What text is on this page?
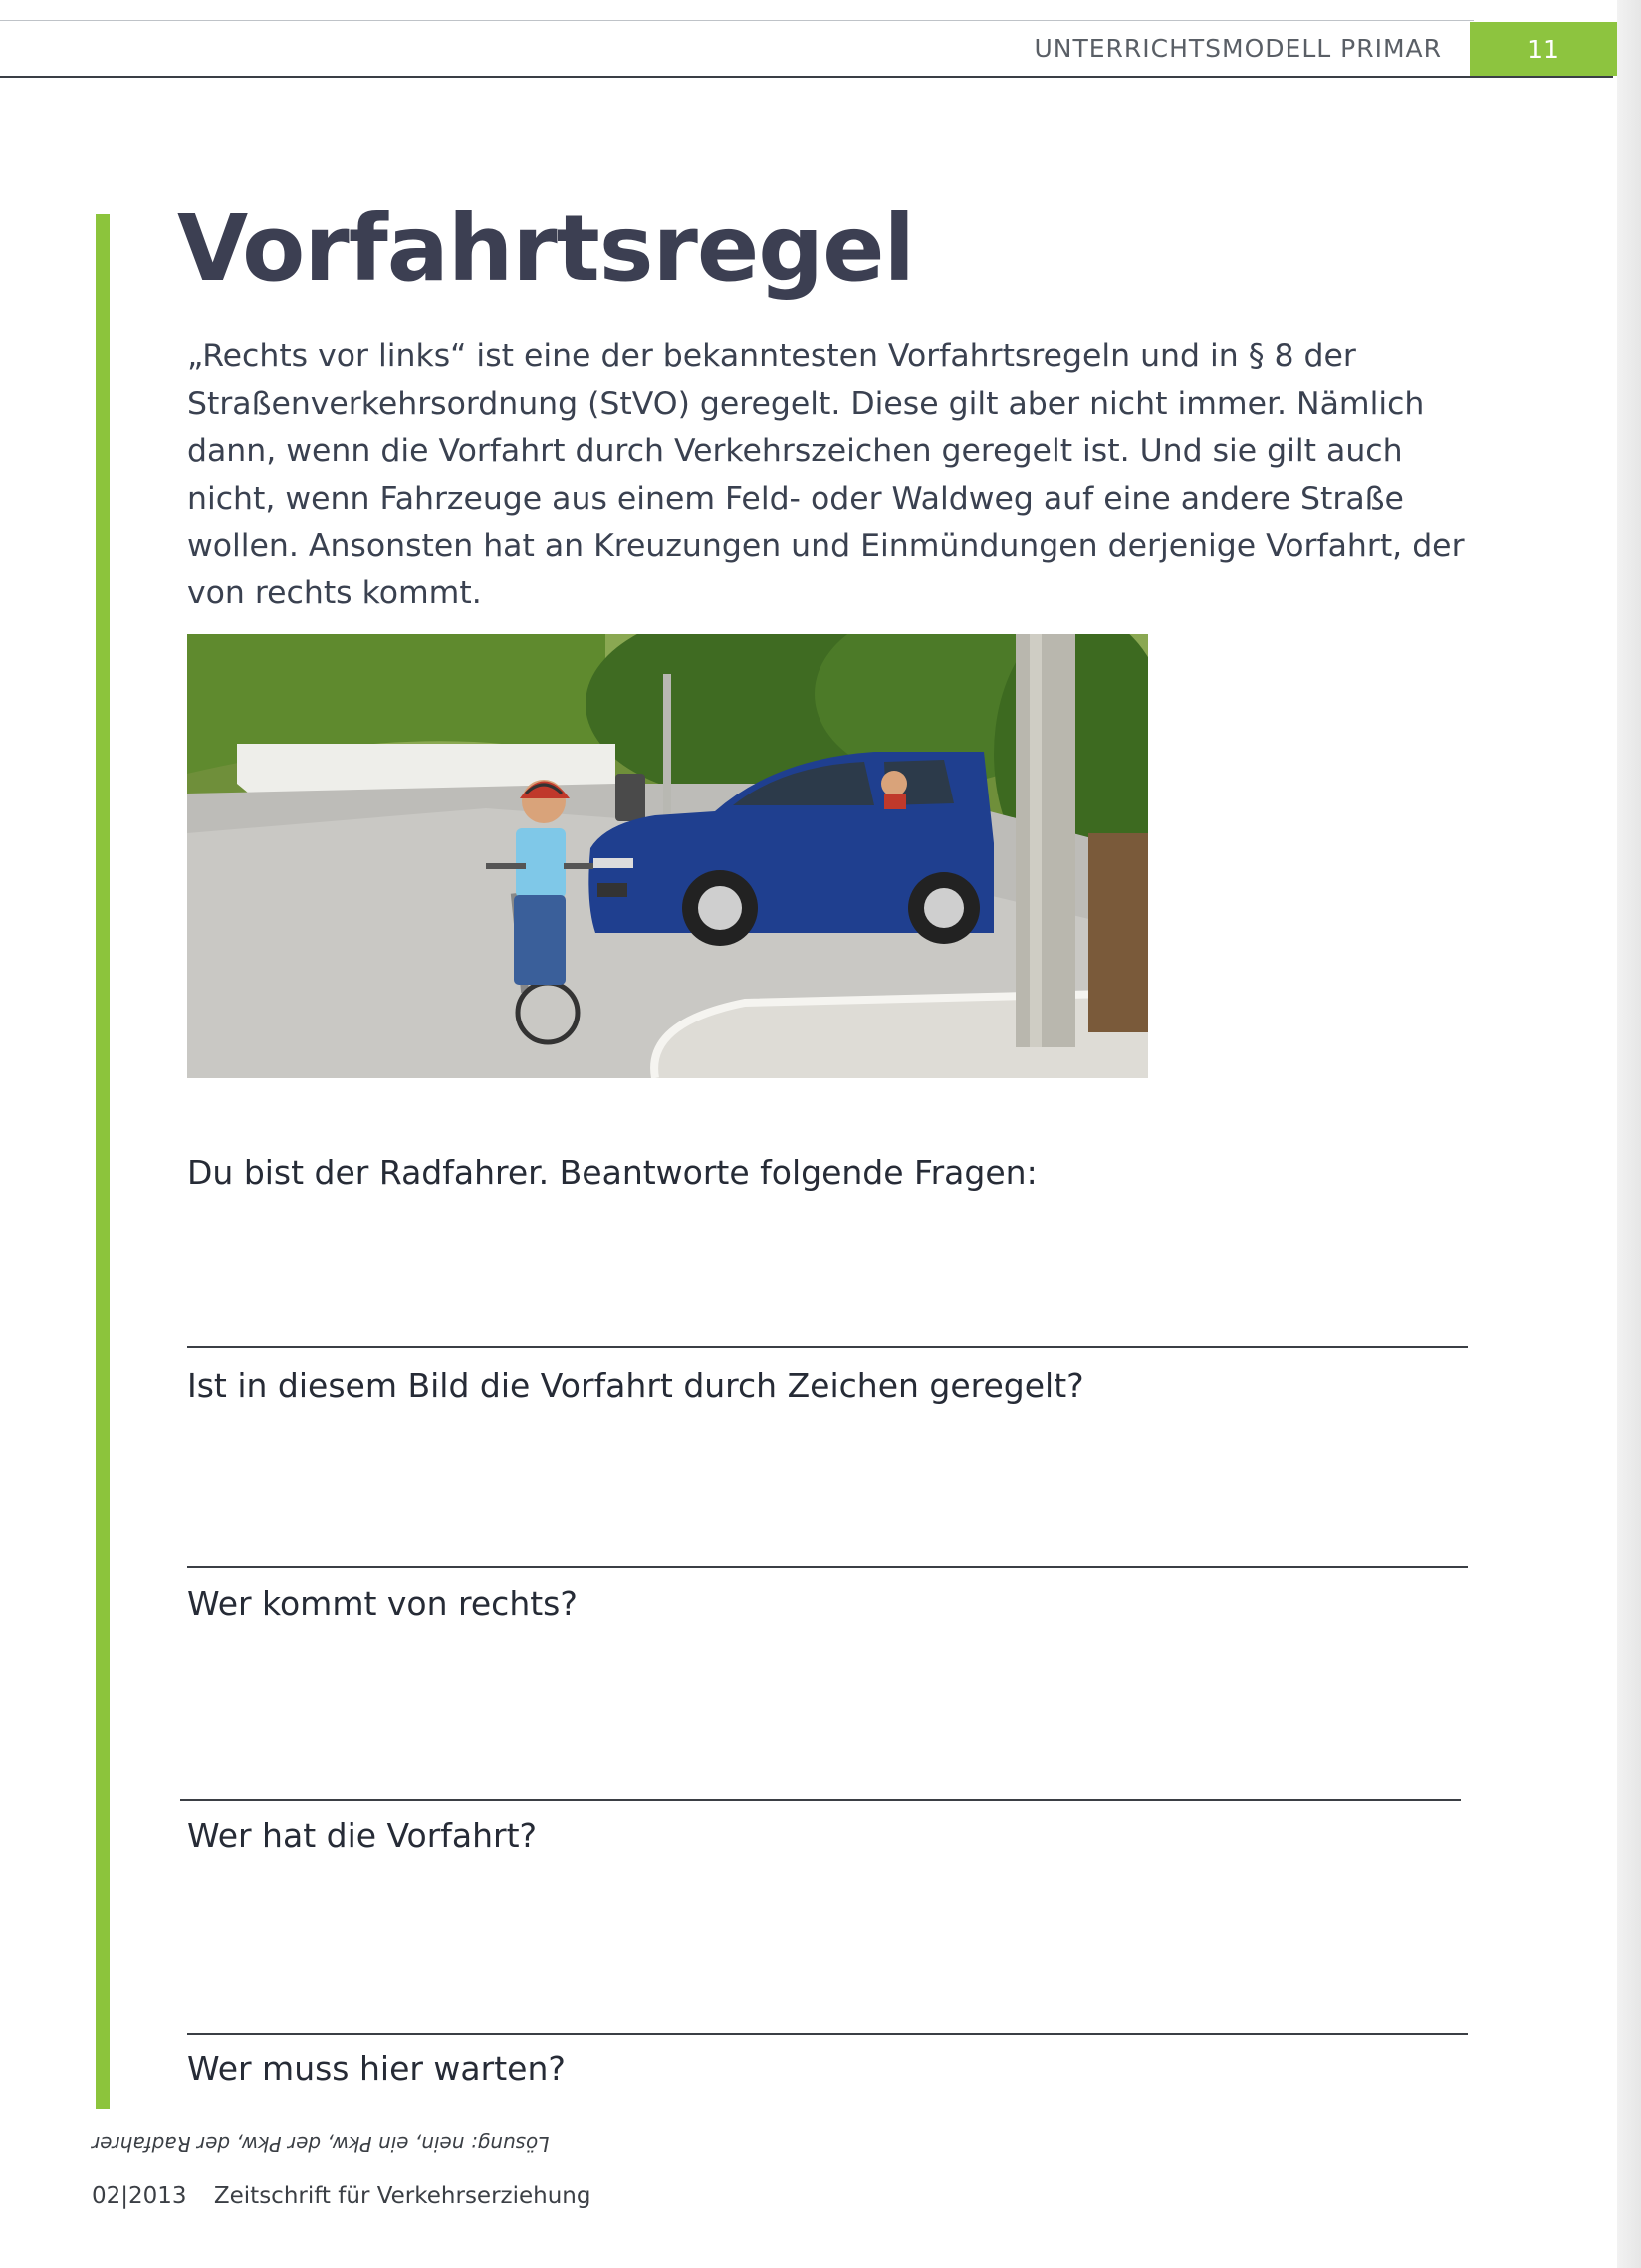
UNTERRICHTSMODELL PRIMAR	11
Vorfahrtsregel

„Rechts vor links“ ist eine der bekanntesten Vorfahrtsregeln und in § 8 der Straßenverkehrsordnung (StVO) geregelt. Diese gilt aber nicht immer. Nämlich dann, wenn die Vorfahrt durch Verkehrszeichen geregelt ist. Und sie gilt auch nicht, wenn Fahrzeuge aus einem Feld- oder Waldweg auf eine andere Straße wollen. Ansonsten hat an Kreuzungen und Einmündungen derjenige Vorfahrt, der von rechts kommt.

Du bist der Radfahrer. Beantworte folgende Fragen:

Ist in diesem Bild die Vorfahrt durch Zeichen geregelt?

Wer kommt von rechts?

Wer hat die Vorfahrt?

Wer muss hier warten?

Lösung: nein, ein Pkw, der Pkw, der Radfahrer
02|2013 Zeitschrift für Verkehrserziehung
